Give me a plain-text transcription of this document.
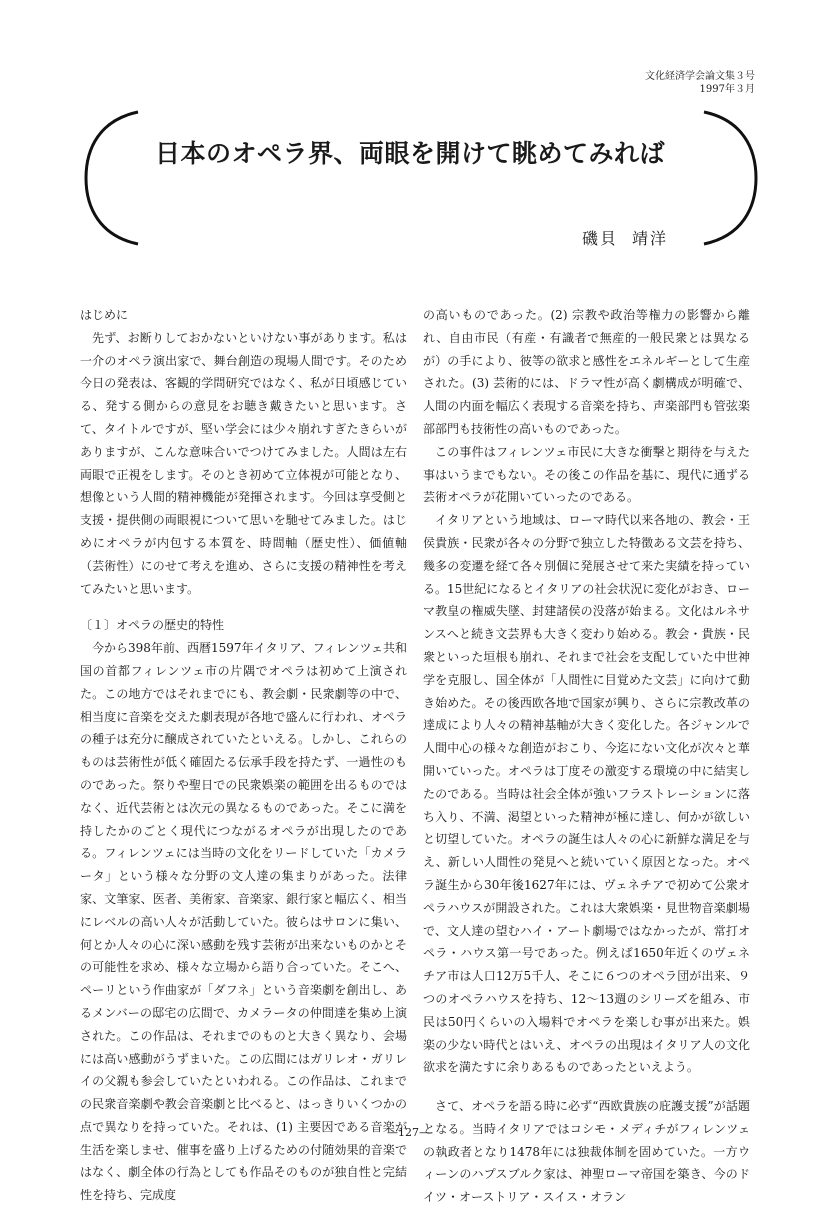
文化経済学会論文集３号
1997年３月
日本のオペラ界、両眼を開けて眺めてみれば
磯貝 靖洋
はじめに

先ず、お断りしておかないといけない事があります。私は一介のオペラ演出家で、舞台創造の現場人間です。そのため今日の発表は、客観的学問研究ではなく、私が日頃感じている、発する側からの意見をお聴き戴きたいと思います。さて、タイトルですが、堅い学会には少々崩れすぎたきらいがありますが、こんな意味合いでつけてみました。人間は左右両眼で正視をします。そのとき初めて立体視が可能となり、想像という人間的精神機能が発揮されます。今回は享受側と支援・提供側の両眼視について思いを馳せてみました。はじめにオペラが内包する本質を、時間軸（歴史性）、価値軸（芸術性）にのせて考えを進め、さらに支援の精神性を考えてみたいと思います。

〔１〕オペラの歴史的特性

今から398年前、西暦1597年イタリア、フィレンツェ共和国の首都フィレンツェ市の片隅でオペラは初めて上演された。この地方ではそれまでにも、教会劇・民衆劇等の中で、相当度に音楽を交えた劇表現が各地で盛んに行われ、オペラの種子は充分に醸成されていたといえる。しかし、これらのものは芸術性が低く確固たる伝承手段を持たず、一過性のものであった。祭りや聖日での民衆娯楽の範囲を出るものではなく、近代芸術とは次元の異なるものであった。そこに満を持したかのごとく現代につながるオペラが出現したのである。フィレンツェには当時の文化をリードしていた「カメラータ」という様々な分野の文人達の集まりがあった。法律家、文筆家、医者、美術家、音楽家、銀行家と幅広く、相当にレベルの高い人々が活動していた。彼らはサロンに集い、何とか人々の心に深い感動を残す芸術が出来ないものかとその可能性を求め、様々な立場から語り合っていた。そこへ、ペーリという作曲家が「ダフネ」という音楽劇を創出し、あるメンバーの邸宅の広間で、カメラータの仲間達を集め上演された。この作品は、それまでのものと大きく異なり、会場には高い感動がうずまいた。この広間にはガリレオ・ガリレイの父親も参会していたといわれる。この作品は、これまでの民衆音楽劇や教会音楽劇と比べると、はっきりいくつかの点で異なりを持っていた。それは、(1) 主要因である音楽が生活を楽しませ、催事を盛り上げるための付随効果的音楽ではなく、劇全体の行為としても作品そのものが独自性と完結性を持ち、完成度

の高いものであった。(2) 宗教や政治等権力の影響から離れ、自由市民（有産・有識者で無産的一般民衆とは異なるが）の手により、彼等の欲求と感性をエネルギーとして生産された。(3) 芸術的には、ドラマ性が高く劇構成が明確で、人間の内面を幅広く表現する音楽を持ち、声楽部門も管弦楽部部門も技術性の高いものであった。

この事件はフィレンツェ市民に大きな衝撃と期待を与えた事はいうまでもない。その後この作品を基に、現代に通ずる芸術オペラが花開いていったのである。

イタリアという地域は、ローマ時代以来各地の、教会・王侯貴族・民衆が各々の分野で独立した特徴ある文芸を持ち、幾多の変遷を経て各々別個に発展させて来た実績を持っている。15世紀になるとイタリアの社会状況に変化がおき、ローマ教皇の権威失墜、封建諸侯の没落が始まる。文化はルネサンスへと続き文芸界も大きく変わり始める。教会・貴族・民衆といった垣根も崩れ、それまで社会を支配していた中世神学を克服し、国全体が「人間性に目覚めた文芸」に向けて動き始めた。その後西欧各地で国家が興り、さらに宗教改革の達成により人々の精神基軸が大きく変化した。各ジャンルで人間中心の様々な創造がおこり、今迄にない文化が次々と華開いていった。オペラは丁度その激変する環境の中に結実したのである。当時は社会全体が強いフラストレーションに落ち入り、不満、渇望といった精神が極に達し、何かが欲しいと切望していた。オペラの誕生は人々の心に新鮮な満足を与え、新しい人間性の発見へと続いていく原因となった。オペラ誕生から30年後1627年には、ヴェネチアで初めて公衆オペラハウスが開設された。これは大衆娯楽・見世物音楽劇場で、文人達の望むハイ・アート劇場ではなかったが、常打オペラ・ハウス第一号であった。例えば1650年近くのヴェネチア市は人口12万5千人、そこに６つのオペラ団が出来、９つのオペラハウスを持ち、12～13週のシリーズを組み、市民は50円くらいの入場料でオペラを楽しむ事が出来た。娯楽の少ない時代とはいえ、オペラの出現はイタリア人の文化欲求を満たすに余りあるものであったといえよう。

さて、オペラを語る時に必ず“西欧貴族の庇護支援”が話題となる。当時イタリアではコシモ・メディチがフィレンツェの執政者となり1478年には独裁体制を固めていた。一方ウィーンのハプスブルク家は、神聖ローマ帝国を築き、今のドイツ・オーストリア・スイス・オラン

—127—
